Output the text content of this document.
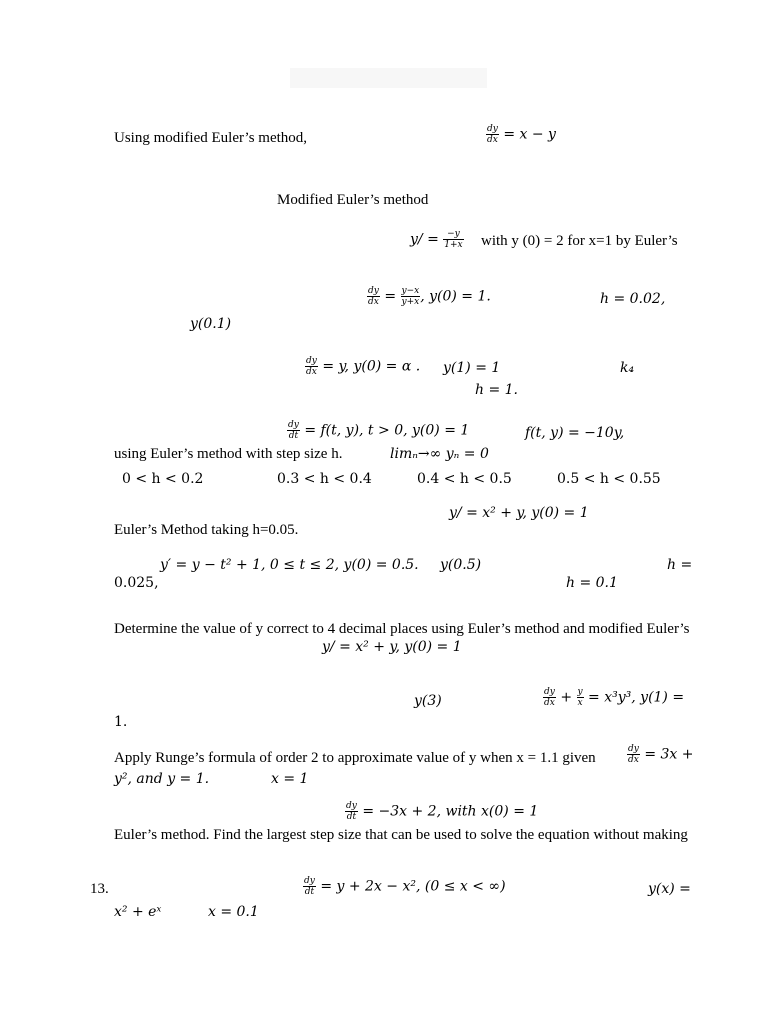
Using modified Euler’s method,	$\frac{dy}{dx} = x - y$
Modified Euler’s method
$y/ = \frac{-y}{1+x}$ with y (0) = 2 for x=1 by Euler’s
$\frac{dy}{dx} = \frac{y-x}{y+x}$ , y(0) = 1.	h = 0.02,
y(0.1)
$\frac{dy}{dx} = y$, y(0) = α . y(1) = 1	k₄
h = 1.
$\frac{dy}{dt} = f(t$, y), t > 0, y(0) = 1	f(t, y) = −10y,
using Euler’s method with step size h.	limₙ→∞ yₙ = 0
0 < h < 0.2	0.3 < h < 0.4	0.4 < h < 0.5	0.5 < h < 0.55
y/ = x² + y, y(0) = 1
Euler’s Method taking h=0.05.
y′ = y − t² + 1, 0 ≤ t ≤ 2, y(0) = 0.5. y(0.5)	h =
0.025,	h = 0.1
Determine the value of y correct to 4 decimal places using Euler’s method and modified Euler’s
y/ = x² + y, y(0) = 1
y(3)	$\frac{dy}{dx} + \frac{y}{x} = x^3y^3$, y(1) =
1.
Apply Runge’s formula of order 2 to approximate value of y when x = 1.1 given	$\frac{dy}{dx} = 3x$ +
y², and y = 1.	x = 1
$\frac{dy}{dt} = -3x + 2$, with x(0) = 1
Euler’s method. Find the largest step size that can be used to solve the equation without making
13.	$\frac{dy}{dt} = y + 2x - x^2$, (0 ≤ x < ∞)	y(x) =
x² + eˣ	x = 0.1
